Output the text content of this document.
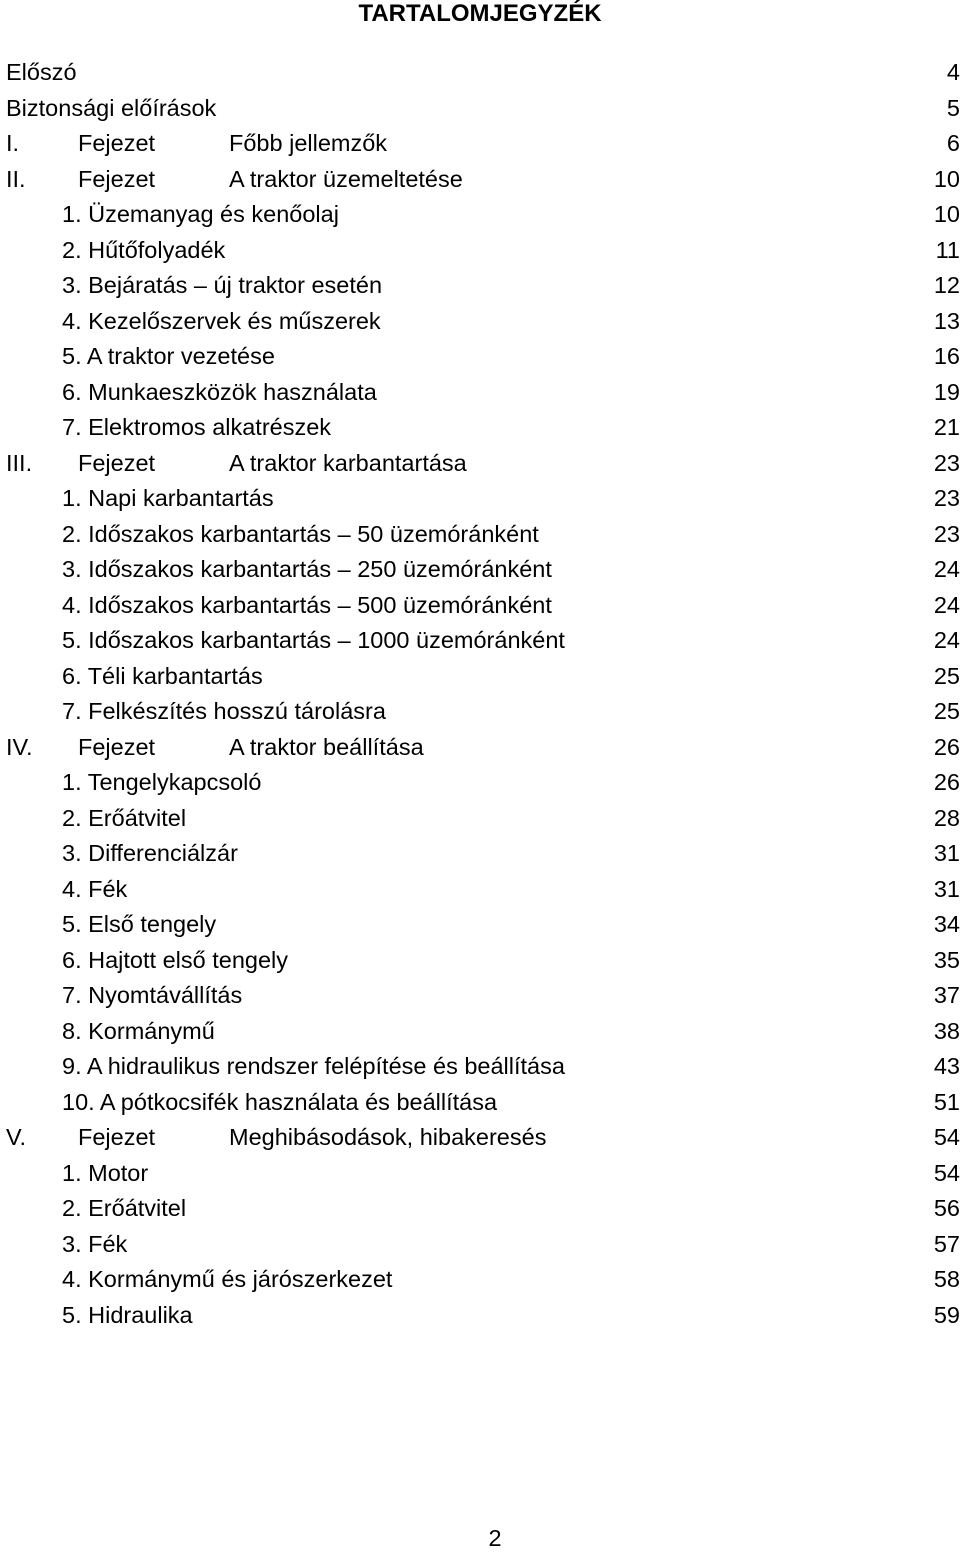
TARTALOMJEGYZÉK
Előszó	4
Biztonsági előírások	5
I.	Fejezet	Főbb jellemzők	6
II. Fejezet	A traktor üzemeltetése	10
1. Üzemanyag és kenőolaj	10
2. Hűtőfolyadék	11
3. Bejáratás – új traktor esetén	12
4. Kezelőszervek és műszerek	13
5. A traktor vezetése	16
6. Munkaeszközök használata	19
7. Elektromos alkatrészek	21
III. Fejezet	A traktor karbantartása	23
1. Napi karbantartás	23
2. Időszakos karbantartás – 50 üzemóránként	23
3. Időszakos karbantartás – 250 üzemóránként	24
4. Időszakos karbantartás – 500 üzemóránként	24
5. Időszakos karbantartás – 1000 üzemóránként	24
6. Téli karbantartás	25
7. Felkészítés hosszú tárolásra	25
IV. Fejezet	A traktor beállítása	26
1. Tengelykapcsoló	26
2. Erőátvitel	28
3. Differenciálzár	31
4. Fék	31
5. Első tengely	34
6. Hajtott első tengely	35
7. Nyomtávállítás	37
8. Kormánymű	38
9. A hidraulikus rendszer felépítése és beállítása	43
10. A pótkocsifék használata és beállítása	51
V. Fejezet	Meghibásodások, hibakeresés	54
1. Motor	54
2. Erőátvitel	56
3. Fék	57
4. Kormánymű és járószerkezet	58
5. Hidraulika	59
2
